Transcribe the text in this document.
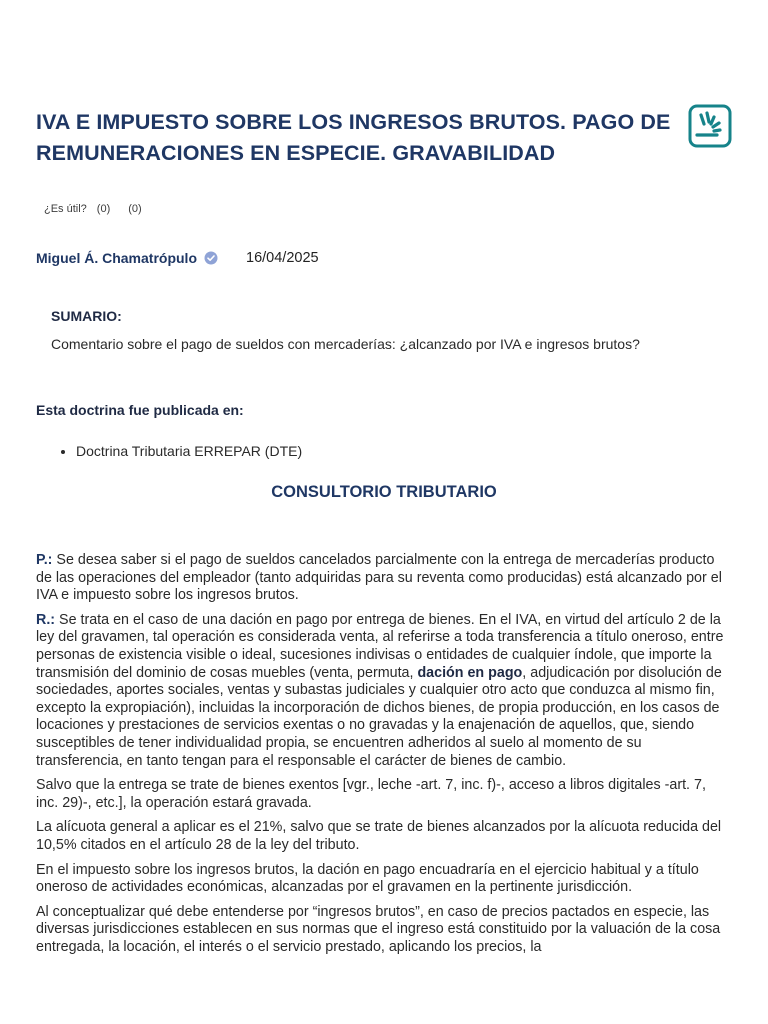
IVA E IMPUESTO SOBRE LOS INGRESOS BRUTOS. PAGO DE REMUNERACIONES EN ESPECIE. GRAVABILIDAD
¿Es útil? (0) (0)
Miguel Á. Chamatrópulo	16/04/2025
SUMARIO:
Comentario sobre el pago de sueldos con mercaderías: ¿alcanzado por IVA e ingresos brutos?
Esta doctrina fue publicada en:
• Doctrina Tributaria ERREPAR (DTE)
CONSULTORIO TRIBUTARIO

P.: Se desea saber si el pago de sueldos cancelados parcialmente con la entrega de mercaderías producto de las operaciones del empleador (tanto adquiridas para su reventa como producidas) está alcanzado por el IVA e impuesto sobre los ingresos brutos.

R.: Se trata en el caso de una dación en pago por entrega de bienes. En el IVA, en virtud del artículo 2 de la ley del gravamen, tal operación es considerada venta, al referirse a toda transferencia a título oneroso, entre personas de existencia visible o ideal, sucesiones indivisas o entidades de cualquier índole, que importe la transmisión del dominio de cosas muebles (venta, permuta, dación en pago, adjudicación por disolución de sociedades, aportes sociales, ventas y subastas judiciales y cualquier otro acto que conduzca al mismo fin, excepto la expropiación), incluidas la incorporación de dichos bienes, de propia producción, en los casos de locaciones y prestaciones de servicios exentas o no gravadas y la enajenación de aquellos, que, siendo susceptibles de tener individualidad propia, se encuentren adheridos al suelo al momento de su transferencia, en tanto tengan para el responsable el carácter de bienes de cambio.

Salvo que la entrega se trate de bienes exentos [vgr., leche -art. 7, inc. f)-, acceso a libros digitales -art. 7, inc. 29)-, etc.], la operación estará gravada.

La alícuota general a aplicar es el 21%, salvo que se trate de bienes alcanzados por la alícuota reducida del 10,5% citados en el artículo 28 de la ley del tributo.

En el impuesto sobre los ingresos brutos, la dación en pago encuadraría en el ejercicio habitual y a título oneroso de actividades económicas, alcanzadas por el gravamen en la pertinente jurisdicción.

Al conceptualizar qué debe entenderse por “ingresos brutos”, en caso de precios pactados en especie, las diversas jurisdicciones establecen en sus normas que el ingreso está constituido por la valuación de la cosa entregada, la locación, el interés o el servicio prestado, aplicando los precios, la
